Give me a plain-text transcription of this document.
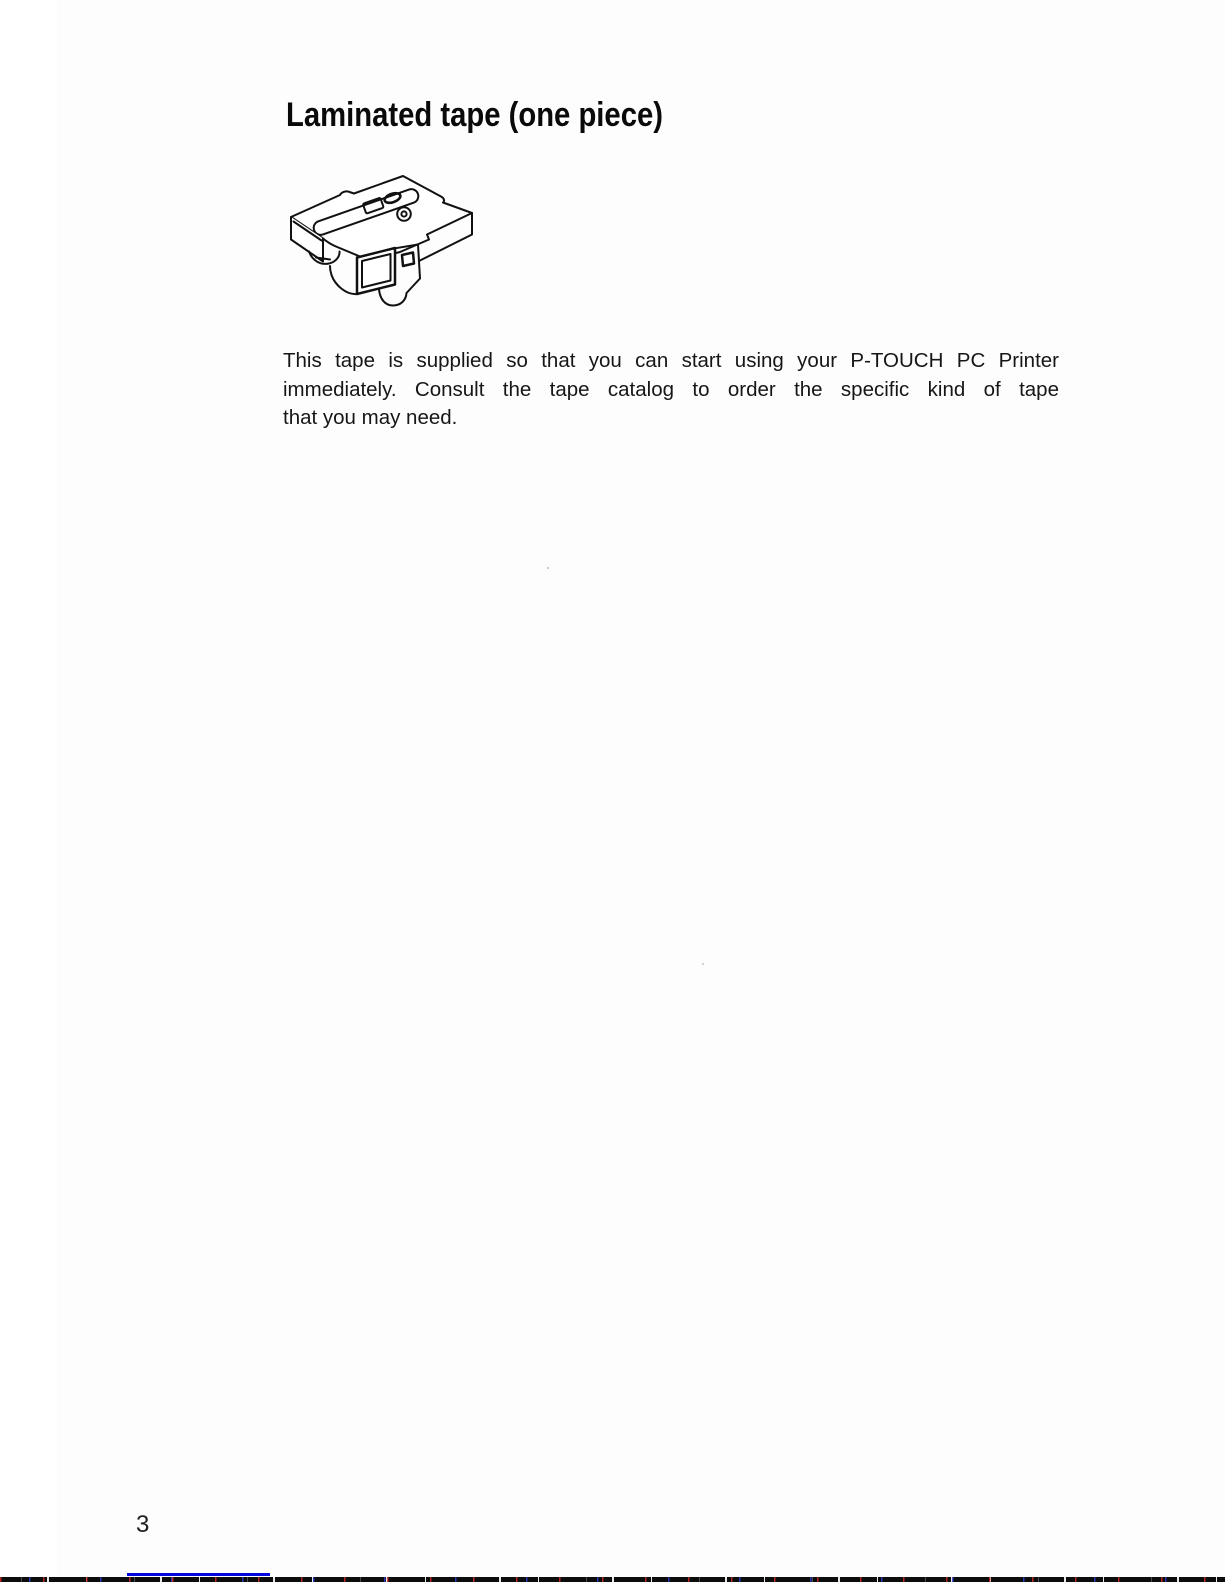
Laminated tape (one piece)
This tape is supplied so that you can start using your P-TOUCH PC Printer
immediately. Consult the tape catalog to order the specific kind of tape
that you may need.
3
